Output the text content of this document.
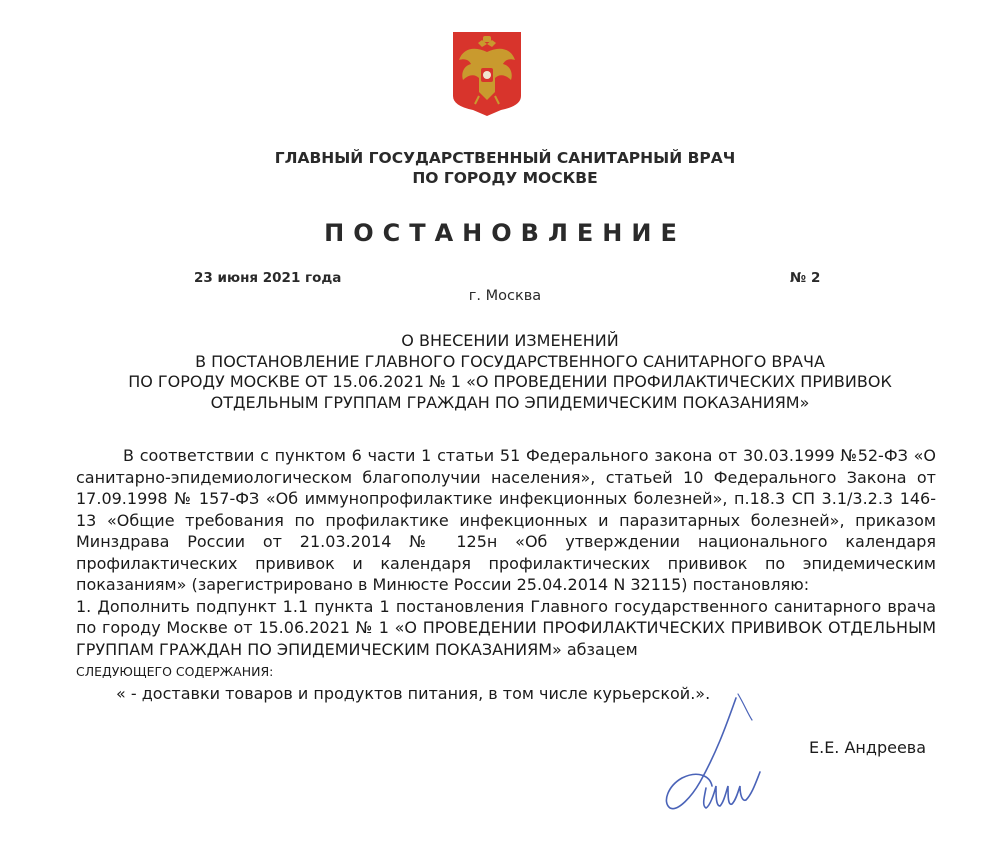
ГЛАВНЫЙ ГОСУДАРСТВЕННЫЙ САНИТАРНЫЙ ВРАЧ

ПО ГОРОДУ МОСКВЕ

ПОСТАНОВЛЕНИЕ
23 июня 2021 года	№ 2
г. Москва
О ВНЕСЕНИИ ИЗМЕНЕНИЙ
В ПОСТАНОВЛЕНИЕ ГЛАВНОГО ГОСУДАРСТВЕННОГО САНИТАРНОГО ВРАЧА
ПО ГОРОДУ МОСКВЕ ОТ 15.06.2021 № 1 «О ПРОВЕДЕНИИ ПРОФИЛАКТИЧЕСКИХ ПРИВИВОК
ОТДЕЛЬНЫМ ГРУППАМ ГРАЖДАН ПО ЭПИДЕМИЧЕСКИМ ПОКАЗАНИЯМ»

В соответствии с пунктом 6 части 1 статьи 51 Федерального закона от 30.03.1999 №52-ФЗ «О санитарно-эпидемиологическом благополучии населения», статьей 10 Федерального Закона от 17.09.1998 № 157-ФЗ «Об иммунопрофилактике инфекционных болезней», п.18.3 СП 3.1/3.2.3 146-13 «Общие требования по профилактике инфекционных и паразитарных болезней», приказом Минздрава России от 21.03.2014 № 125н «Об утверждении национального календаря профилактических прививок и календаря профилактических прививок по эпидемическим показаниям» (зарегистрировано в Минюсте России 25.04.2014 N 32115) постановляю:

1. Дополнить подпункт 1.1 пункта 1 постановления Главного государственного санитарного врача по городу Москве от 15.06.2021 № 1 «О ПРОВЕДЕНИИ ПРОФИЛАКТИЧЕСКИХ ПРИВИВОК ОТДЕЛЬНЫМ ГРУППАМ ГРАЖДАН ПО ЭПИДЕМИЧЕСКИМ ПОКАЗАНИЯМ» абзацем

СЛЕДУЮЩЕГО СОДЕРЖАНИЯ:

« - доставки товаров и продуктов питания, в том числе курьерской.».

Е.Е. Андреева
